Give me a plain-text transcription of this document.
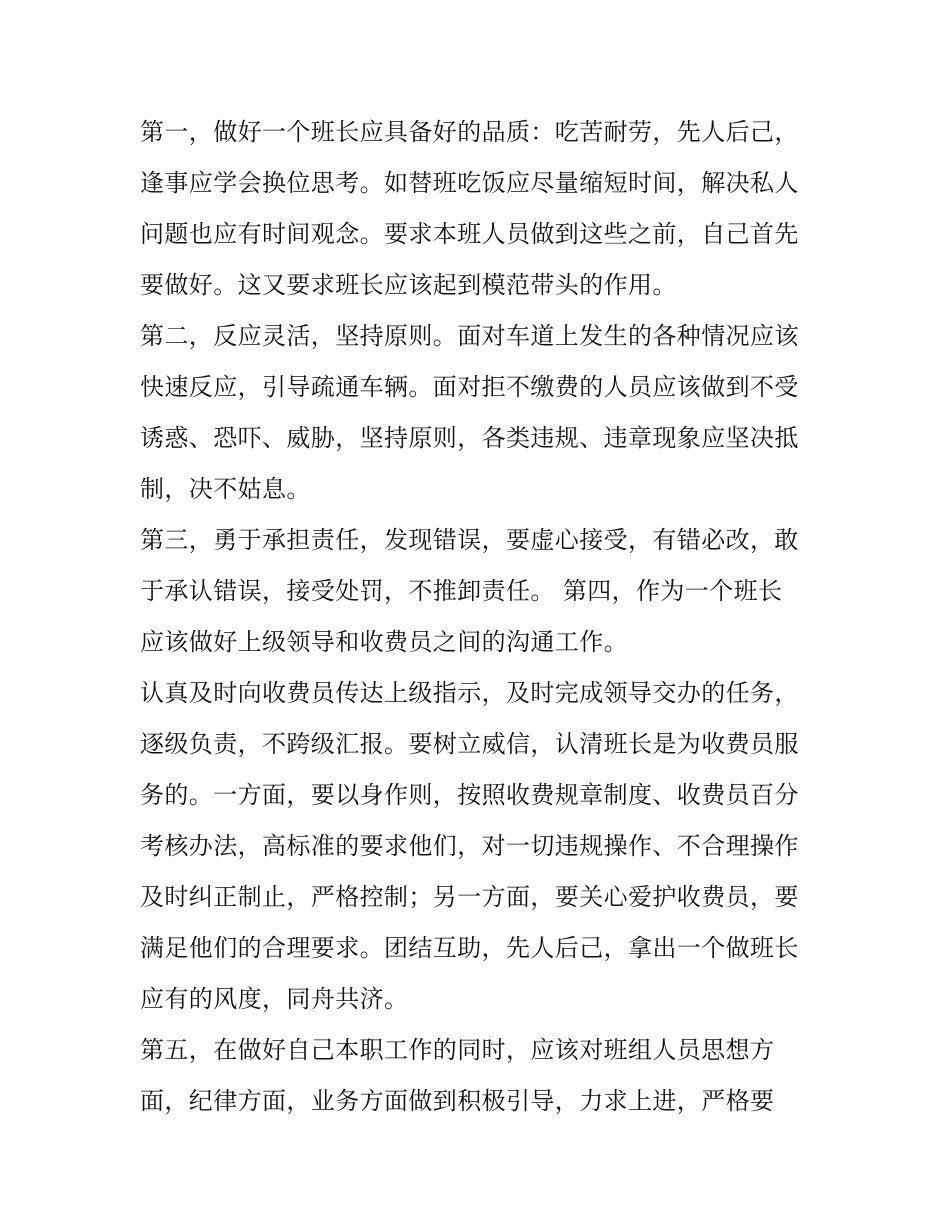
第一，做好一个班长应具备好的品质：吃苦耐劳，先人后己，
逢事应学会换位思考。如替班吃饭应尽量缩短时间，解决私人
问题也应有时间观念。要求本班人员做到这些之前，自己首先
要做好。这又要求班长应该起到模范带头的作用。

第二，反应灵活，坚持原则。面对车道上发生的各种情况应该
快速反应，引导疏通车辆。面对拒不缴费的人员应该做到不受
诱惑、恐吓、威胁，坚持原则，各类违规、违章现象应坚决抵
制，决不姑息。

第三，勇于承担责任，发现错误，要虚心接受，有错必改，敢
于承认错误，接受处罚，不推卸责任。 第四，作为一个班长
应该做好上级领导和收费员之间的沟通工作。

认真及时向收费员传达上级指示，及时完成领导交办的任务，
逐级负责，不跨级汇报。要树立威信，认清班长是为收费员服
务的。一方面，要以身作则，按照收费规章制度、收费员百分
考核办法，高标准的要求他们，对一切违规操作、不合理操作
及时纠正制止，严格控制；另一方面，要关心爱护收费员，要
满足他们的合理要求。团结互助，先人后己，拿出一个做班长
应有的风度，同舟共济。

第五，在做好自己本职工作的同时，应该对班组人员思想方
面，纪律方面，业务方面做到积极引导，力求上进，严格要
